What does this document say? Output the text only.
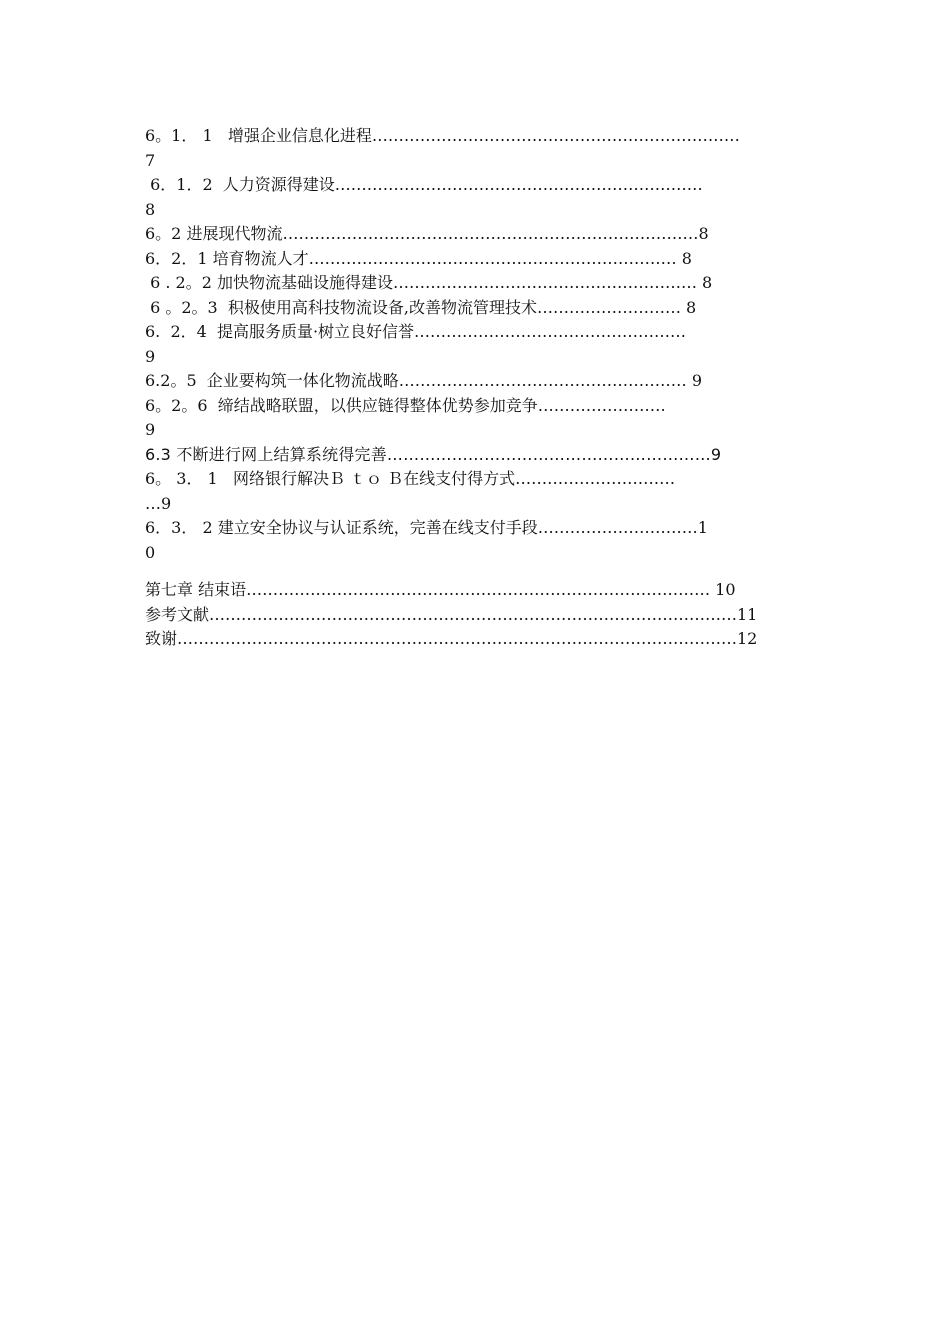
6。1． 1   增强企业信息化进程……………………………………………………………
7
6．1．2  人力资源得建设……………………………………………………………
8
6。2 进展现代物流……………………………………………………………………8
6．2．1 培育物流人才…………………………………………………………… 8
6 . 2。2 加快物流基础设施得建设………………………………………………… 8
6 。2。3  积极使用高科技物流设备,改善物流管理技术……………………… 8
6.  2．4  提高服务质量·树立良好信誉……………………………………………
9
6.2。5  企业要构筑一体化物流战略……………………………………………… 9
6。2。6  缔结战略联盟，以供应链得整体优势参加竞争……………………
9
6.3 不断进行网上结算系统得完善……………………………………………………9
6。 3． 1   网络银行解决Ｂ ｔｏ Ｂ在线支付得方式…………………………
…9
6．3． 2 建立安全协议与认证系统，完善在线支付手段…………………………1
0
第七章 结束语…………………………………………………………………………… 10
参考文献………………………………………………………………………………………11
致谢……………………………………………………………………………………………12
